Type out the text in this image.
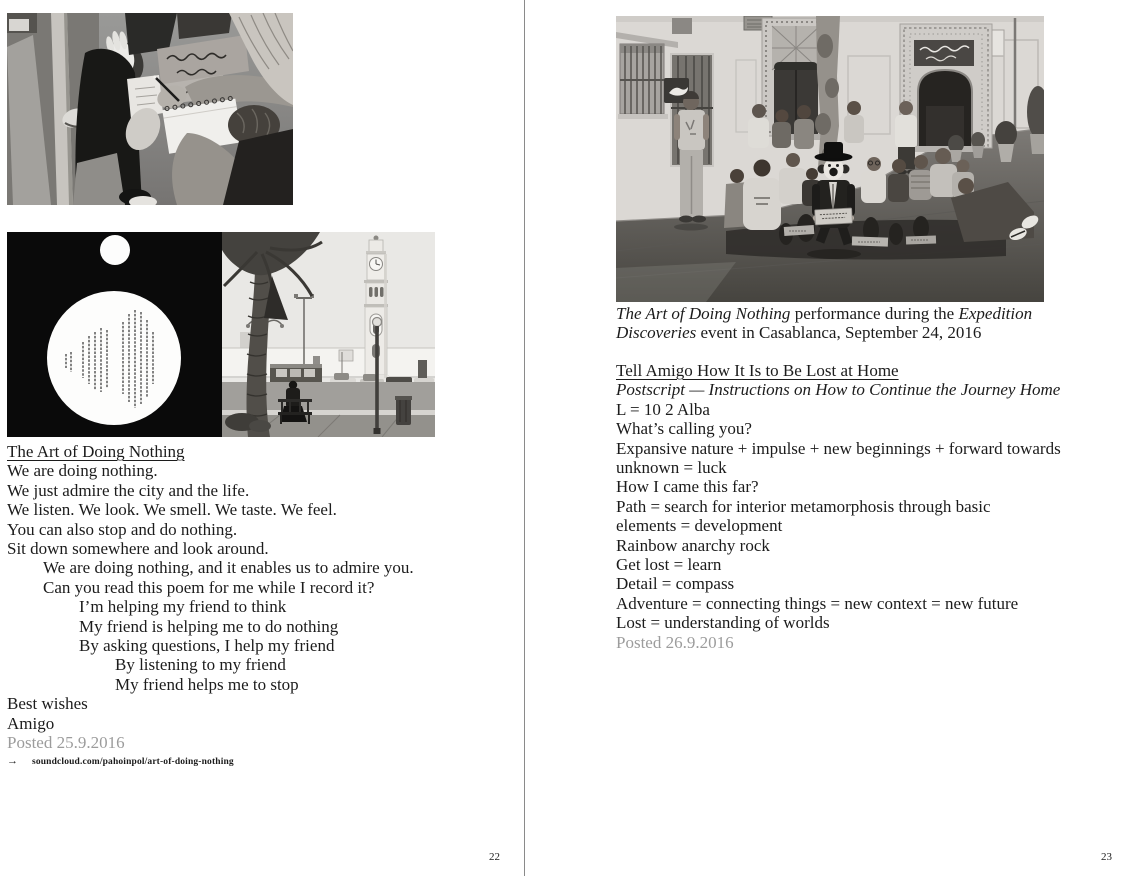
The Art of Doing Nothing
We are doing nothing.
We just admire the city and the life.
We listen. We look. We smell. We taste. We feel.
You can also stop and do nothing.
Sit down somewhere and look around.
We are doing nothing, and it enables us to admire you.
Can you read this poem for me while I record it?
I’m helping my friend to think
My friend is helping me to do nothing
By asking questions, I help my friend
By listening to my friend
My friend helps me to stop
Best wishes
Amigo
Posted 25.9.2016
→ soundcloud.com/pahoinpol/art-of-doing-nothing
22
The Art of Doing Nothing performance during the Expedition
Discoveries event in Casablanca, September 24, 2016
Tell Amigo How It Is to Be Lost at Home
Postscript — Instructions on How to Continue the Journey Home
L = 10 2 Alba
What’s calling you?
Expansive nature + impulse + new beginnings + forward towards
unknown = luck
How I came this far?
Path = search for interior metamorphosis through basic
elements = development
Rainbow anarchy rock
Get lost = learn
Detail = compass
Adventure = connecting things = new context = new future
Lost = understanding of worlds
Posted 26.9.2016
23
